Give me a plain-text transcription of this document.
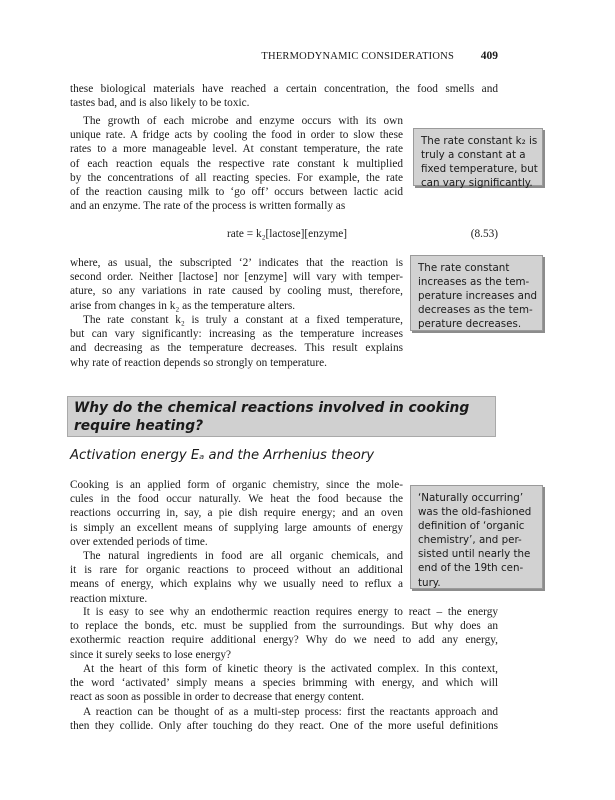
THERMODYNAMIC CONSIDERATIONS 409
these biological materials have reached a certain concentration, the food smells and
tastes bad, and is also likely to be toxic.
The growth of each microbe and enzyme occurs with its own
unique rate. A fridge acts by cooling the food in order to slow these
rates to a more manageable level. At constant temperature, the rate
of each reaction equals the respective rate constant k multiplied
by the concentrations of all reacting species. For example, the rate
of the reaction causing milk to ‘go off’ occurs between lactic acid
and an enzyme. The rate of the process is written formally as
The rate constant k₂ is
truly a constant at a
fixed temperature, but
can vary significantly.
rate = k₂[lactose][enzyme]	(8.53)
where, as usual, the subscripted ‘2’ indicates that the reaction is
second order. Neither [lactose] nor [enzyme] will vary with temper-
ature, so any variations in rate caused by cooling must, therefore,
arise from changes in k₂ as the temperature alters.
The rate constant k₂ is truly a constant at a fixed temperature,
but can vary significantly: increasing as the temperature increases
and decreasing as the temperature decreases. This result explains
why rate of reaction depends so strongly on temperature.
The rate constant
increases as the tem-
perature increases and
decreases as the tem-
perature decreases.
Why do the chemical reactions involved in cooking
require heating?
Activation energy Eₐ and the Arrhenius theory
Cooking is an applied form of organic chemistry, since the mole-
cules in the food occur naturally. We heat the food because the
reactions occurring in, say, a pie dish require energy; and an oven
is simply an excellent means of supplying large amounts of energy
over extended periods of time.
The natural ingredients in food are all organic chemicals, and
it is rare for organic reactions to proceed without an additional
means of energy, which explains why we usually need to reflux a
reaction mixture.
‘Naturally occurring’
was the old-fashioned
definition of ‘organic
chemistry’, and per-
sisted until nearly the
end of the 19th cen-
tury.
It is easy to see why an endothermic reaction requires energy to react – the energy
to replace the bonds, etc. must be supplied from the surroundings. But why does an
exothermic reaction require additional energy? Why do we need to add any energy,
since it surely seeks to lose energy?
At the heart of this form of kinetic theory is the activated complex. In this context,
the word ‘activated’ simply means a species brimming with energy, and which will
react as soon as possible in order to decrease that energy content.
A reaction can be thought of as a multi-step process: first the reactants approach and
then they collide. Only after touching do they react. One of the more useful definitions
